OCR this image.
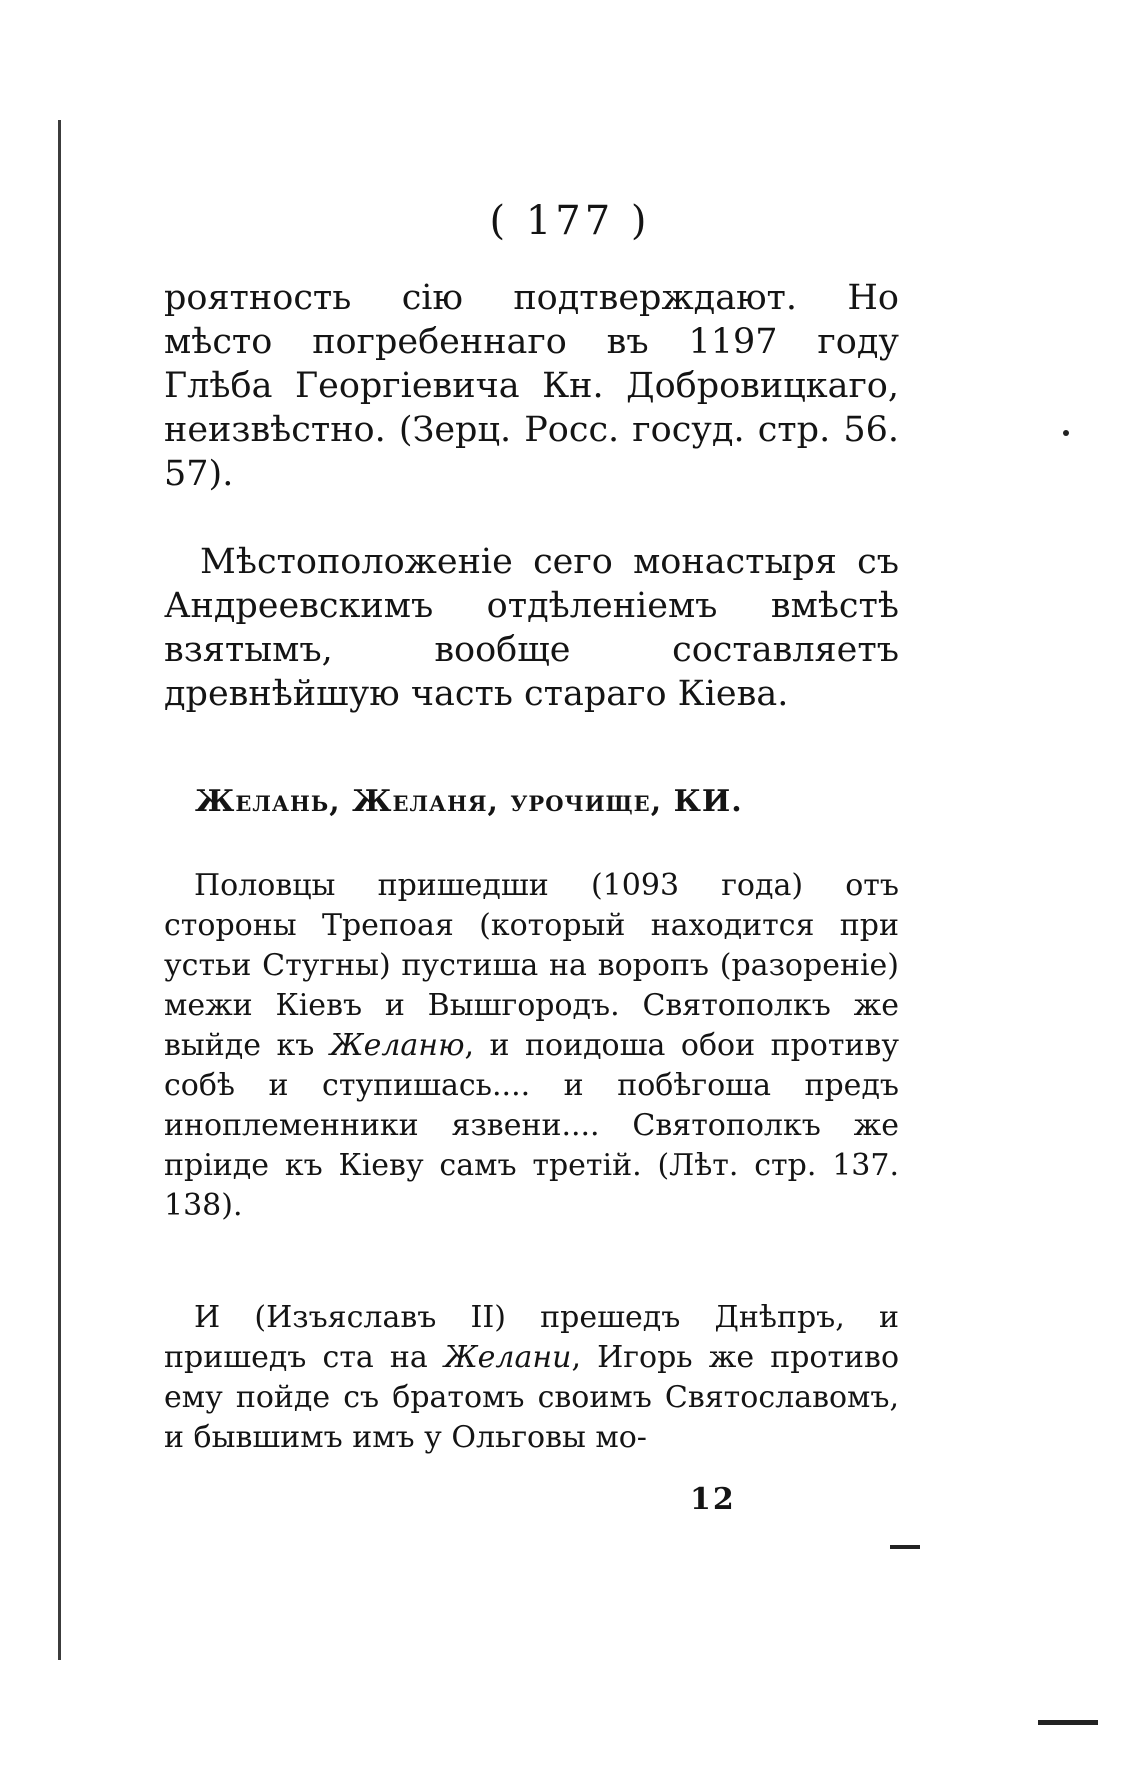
( 177 )

роятность сію подтверждают. Но мѣсто погребеннаго въ 1197 году Глѣба Георгіевича Кн. Добровицкаго, неизвѣстно. (Зерц. Росс. госуд. стр. 56. 57).

Мѣстоположеніе сего монастыря съ Андреевскимъ отдѣленіемъ вмѣстѣ взятымъ, вообще составляетъ древнѣйшую часть стараго Кіева.

Желань, Желаня, урочище, КИ.

Половцы пришедши (1093 года) отъ стороны Трепоая (который находится при устьи Стугны) пустиша на воропъ (разореніе) межи Кіевъ и Вышгородъ. Святополкъ же выйде къ Желаню, и поидоша обои противу собѣ и ступишась.... и побѣгоша предъ иноплеменники язвени.... Святополкъ же пріиде къ Кіеву самъ третій. (Лѣт. стр. 137. 138).

И (Изъяславъ II) прешедъ Днѣпръ, и пришедъ ста на Желани, Игорь же противо ему пойде съ братомъ своимъ Святославомъ, и бывшимъ имъ у Ольговы мо-

12
